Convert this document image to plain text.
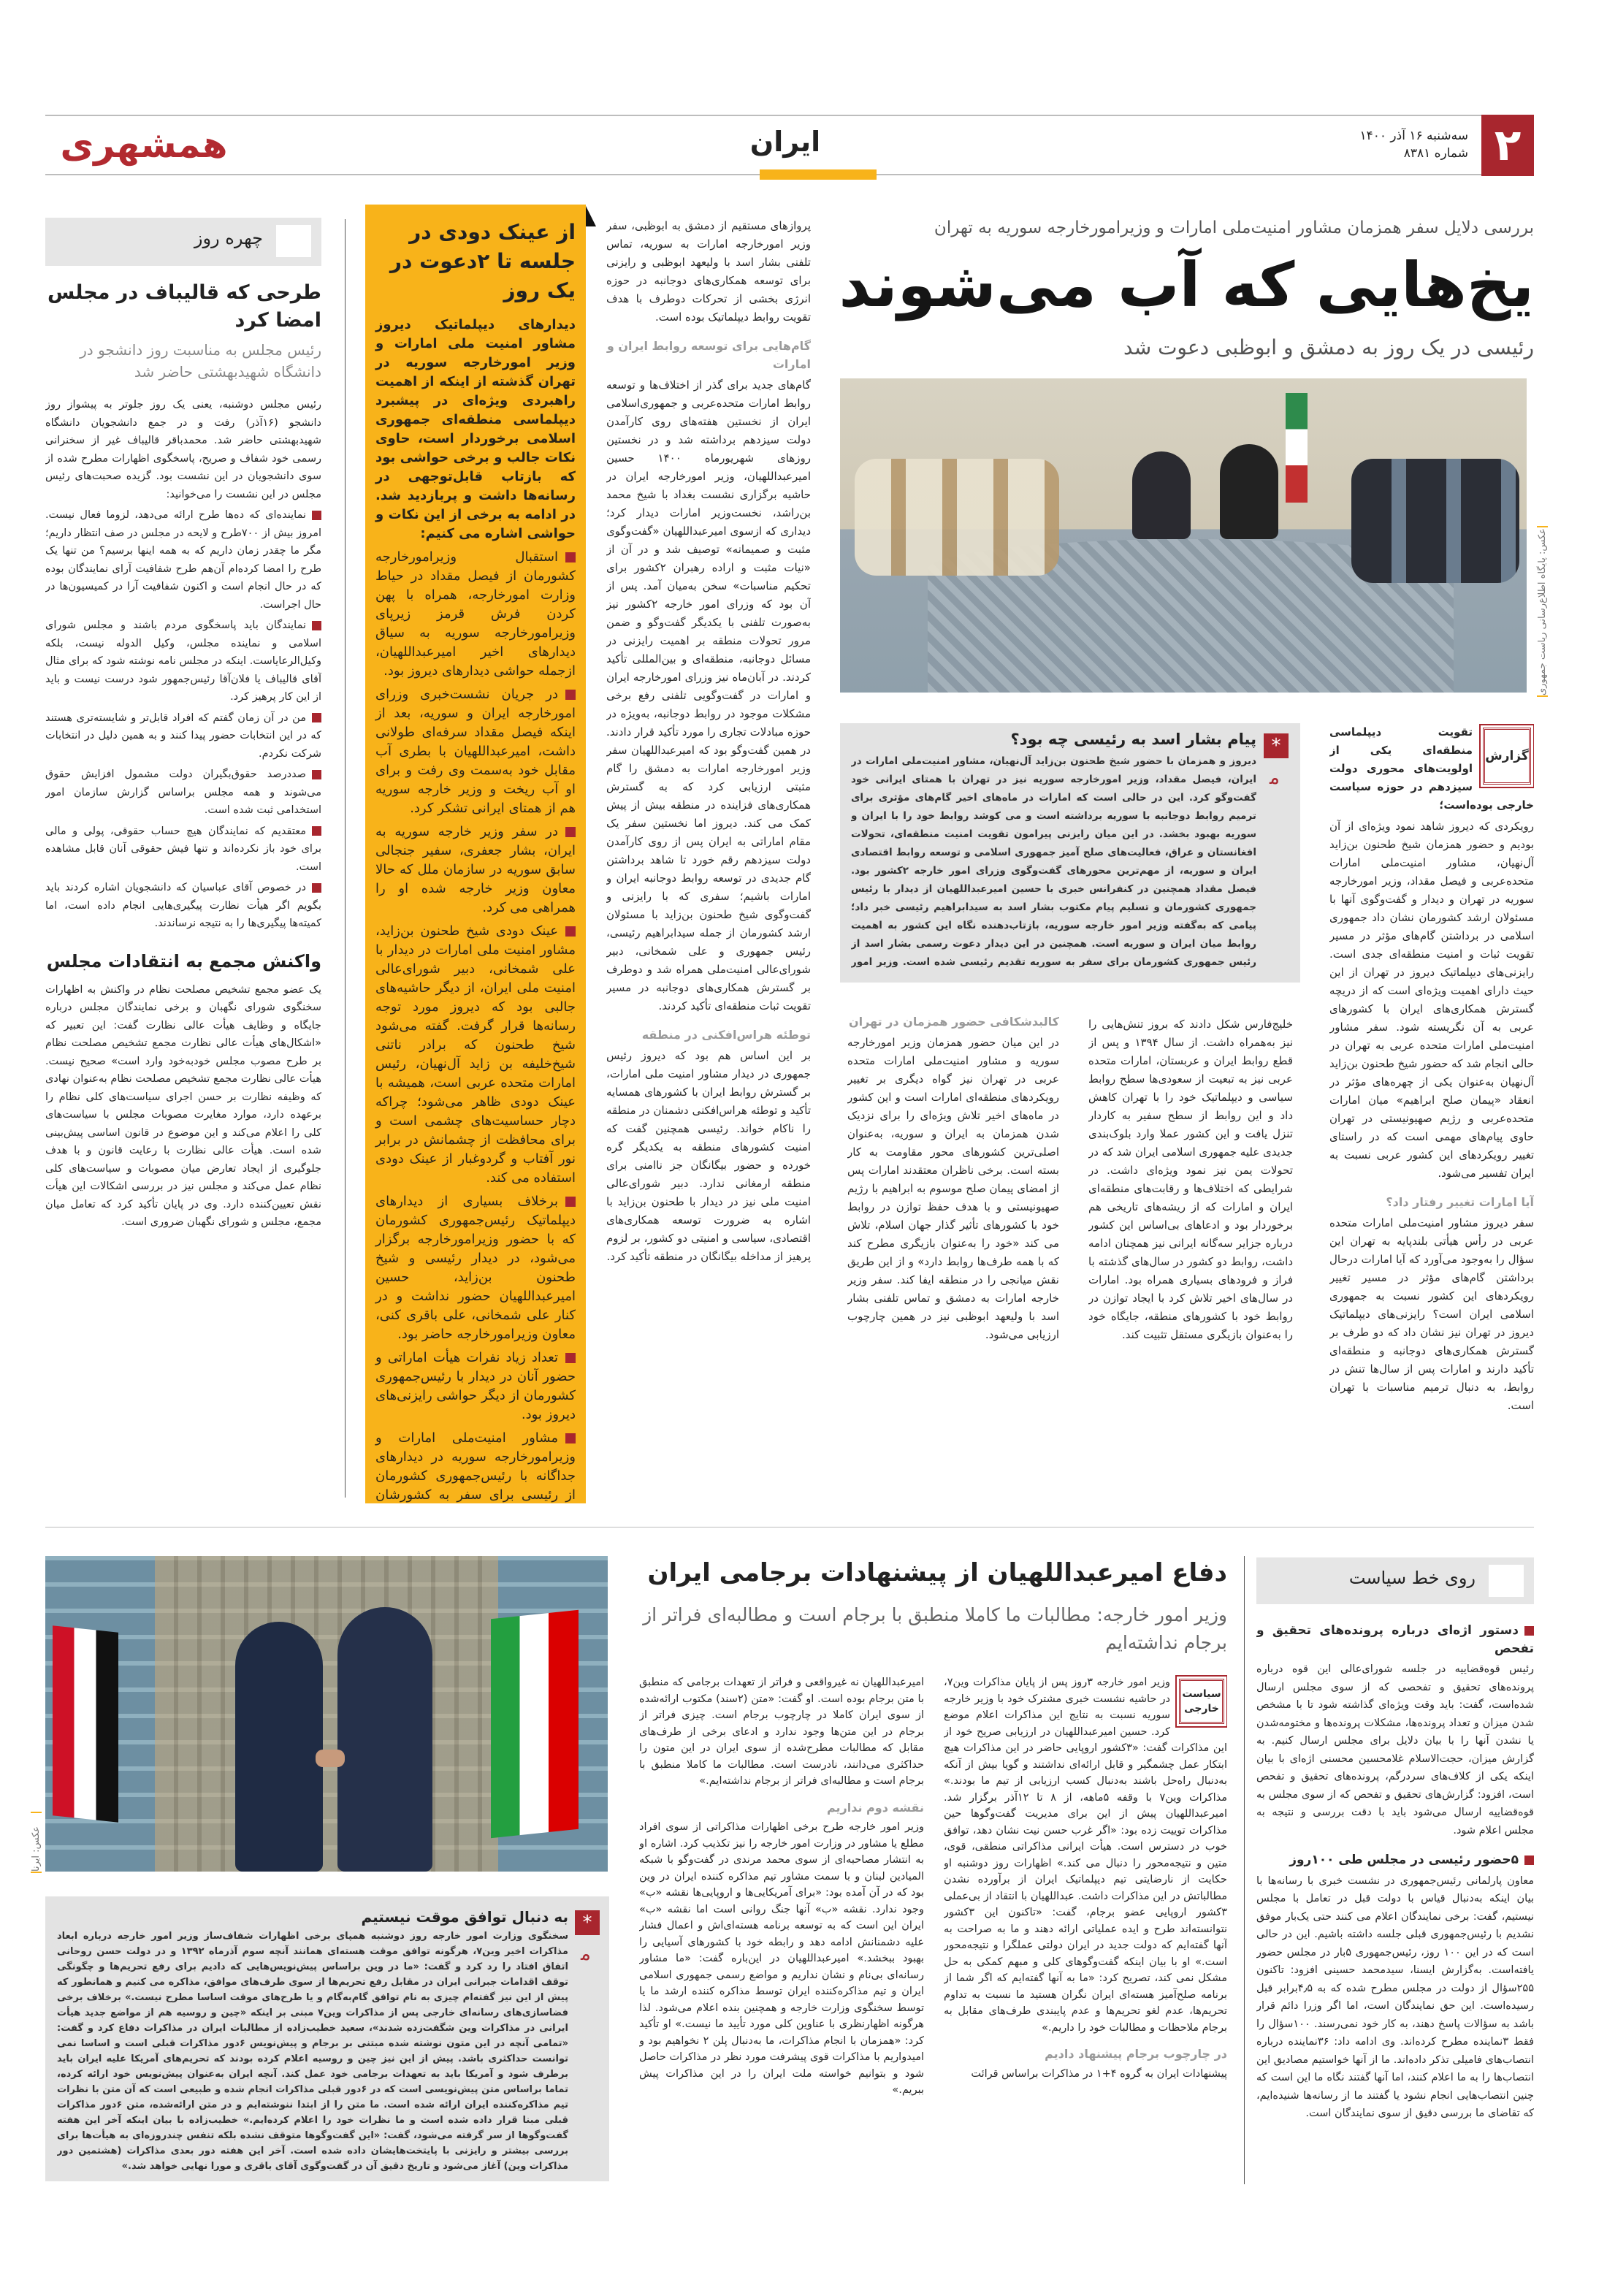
۲
سه‌شنبه ۱۶ آذر ۱۴۰۰
شماره ۸۳۸۱
ایران
همشهری
بررسی دلایل سفر همزمان مشاور امنیت‌ملی امارات و وزیرامورخارجه سوریه به تهران
یخ‌هایی که آب می‌شوند
رئیسی در یک روز به دمشق و ابوظبی دعوت شد
عکس: پایگاه اطلاع‌رسانی ریاست جمهوری
گزارش

تقویت دیپلماسی منطقه‌ای یکی از اولویت‌های محوری دولت سیزدهم در حوزه سیاست خارجی بوده‌است؛

رویکردی که دیروز شاهد نمود ویژه‌ای از آن بودیم و حضور همزمان شیخ طحنون بن‌زاید آل‌نهیان، مشاور امنیت‌ملی امارات متحده‌عربی و فیصل مقداد، وزیر امورخارجه سوریه در تهران و دیدار و گفت‌وگوی آنها با مسئولان ارشد کشورمان نشان داد جمهوری اسلامی در برداشتن گام‌های مؤثر در مسیر تقویت ثبات و امنیت منطقه‌ای جدی است. رایزنی‌های دیپلماتیک دیروز در تهران از این حیث دارای اهمیت ویژه‌ای است که از دریچه گسترش همکاری‌های ایران با کشورهای عربی به آن نگریسته شود. سفر مشاور امنیت‌ملی امارات متحده عربی به تهران در حالی انجام شد که حضور شیخ طحنون بن‌زاید آل‌نهیان به‌عنوان یکی از چهره‌های مؤثر در انعقاد «پیمان صلح ابراهیم» میان امارات متحده‌عربی و رژیم صهیونیستی در تهران حاوی پیام‌های مهمی است که در راستای تغییر رویکردهای این کشور عربی نسبت به ایران تفسیر می‌شود.

آیا امارات تغییر رفتار داد؟

سفر دیروز مشاور امنیت‌ملی امارات متحده عربی در رأس هیأتی بلندپایه به تهران این سؤال را به‌وجود می‌آورد که آیا امارات درحال برداشتن گام‌های مؤثر در مسیر تغییر رویکردهای این کشور نسبت به جمهوری اسلامی ایران است؟ رایزنی‌های دیپلماتیک دیروز در تهران نیز نشان داد که دو طرف بر گسترش همکاری‌های دوجانبه و منطقه‌ای تأکید دارند و امارات پس از سال‌ها تنش در روابط، به دنبال ترمیم مناسبات با تهران است.

*
ﻣ
پیام بشار اسد به رئیسی چه بود؟
دیروز و همزمان با حضور شیخ طحنون بن‌زاید آل‌نهیان، مشاور امنیت‌ملی امارات در ایران، فیصل مقداد، وزیر امورخارجه سوریه نیز در تهران با همتای ایرانی خود گفت‌وگو کرد. این در حالی است که امارات در ماه‌های اخیر گام‌های مؤثری برای ترمیم روابط دوجانبه با سوریه برداشته است و می کوشد روابط خود را با ایران و سوریه بهبود بخشد. در این میان رایزنی پیرامون تقویت امنیت منطقه‌ای، تحولات افغانستان و عراق، فعالیت‌های صلح آمیز جمهوری اسلامی و توسعه روابط اقتصادی ایران و سوریه، از مهم‌ترین محورهای گفت‌وگوی وزرای امور خارجه ۲کشور بود. فیصل مقداد همچنین در کنفرانس خبری با حسین امیرعبداللهیان از دیدار با رئیس جمهوری کشورمان و تسلیم پیام مکتوب بشار اسد به سیدابراهیم رئیسی خبر داد؛ پیامی که به‌گفته وزیر امور خارجه سوریه، بازتاب‌دهنده نگاه این کشور به اهمیت روابط میان ایران و سوریه است. همچنین در این دیدار دعوت رسمی بشار اسد از رئیس جمهوری کشورمان برای سفر به سوریه تقدیم رئیسی شده است. وزیر امور
خلیج‌فارس شکل دادند که بروز تنش‌هایی را نیز به‌همراه داشت. از سال ۱۳۹۴ و پس از قطع روابط ایران و عربستان، امارات متحده عربی نیز به تبعیت از سعودی‌ها سطح روابط سیاسی و دیپلماتیک خود را با تهران کاهش داد و این روابط از سطح سفیر به کاردار تنزل یافت و این کشور عملا وارد بلوک‌بندی جدیدی علیه جمهوری اسلامی ایران شد که در تحولات یمن نیز نمود ویژه‌ای داشت. در شرایطی که اختلاف‌ها و رقابت‌های منطقه‌ای ایران و امارات که از ریشه‌های تاریخی هم برخوردار بود و ادعاهای بی‌اساس این کشور درباره جزایر سه‌گانه ایرانی نیز همچنان ادامه داشت، روابط دو کشور در سال‌های گذشته با فراز و فرودهای بسیاری همراه بود. امارات در سال‌های اخیر تلاش کرد با ایجاد توازن در روابط خود با کشورهای منطقه، جایگاه خود را به‌عنوان بازیگری مستقل تثبیت کند.
کالبدشکافی حضور همزمان در تهران

در این میان حضور همزمان وزیر امورخارجه سوریه و مشاور امنیت‌ملی امارات متحده عربی در تهران نیز گواه دیگری بر تغییر رویکردهای منطقه‌ای امارات است و این کشور در ماه‌های اخیر تلاش ویژه‌ای را برای نزدیک شدن همزمان به ایران و سوریه، به‌عنوان اصلی‌ترین کشورهای محور مقاومت به کار بسته است. برخی ناظران معتقدند امارات پس از امضای پیمان صلح موسوم به ابراهیم با رژیم صهیونیستی و با هدف حفظ توازن در روابط خود با کشورهای تأثیر گذار جهان اسلام، تلاش می کند «خود را به‌عنوان بازیگری مطرح کند که با همه طرف‌ها روابط دارد» و از این طریق نقش میانجی را در منطقه ایفا کند. سفر وزیر خارجه امارات به دمشق و تماس تلفنی بشار اسد با ولیعهد ابوظبی نیز در همین چارچوب ارزیابی می‌شود.

پروازهای مستقیم از دمشق به ابوظبی، سفر وزیر امورخارجه امارات به سوریه، تماس تلفنی بشار اسد با ولیعهد ابوظبی و رایزنی برای توسعه همکاری‌های دوجانبه در حوزه انرژی بخشی از تحرکات دوطرف با هدف تقویت روابط دیپلماتیک بوده است.

گام‌هایی برای توسعه روابط ایران و امارات

گام‌های جدید برای گذر از اختلاف‌ها و توسعه روابط امارات متحده‌عربی و جمهوری‌اسلامی ایران از نخستین هفته‌های روی کارآمدن دولت سیزدهم برداشته شد و در نخستین روزهای شهریورماه ۱۴۰۰ حسین امیرعبداللهیان، وزیر امورخارجه ایران در حاشیه برگزاری نشست بغداد با شیخ محمد بن‌راشد، نخست‌وزیر امارات دیدار کرد؛ دیداری که ازسوی امیرعبداللهیان «گفت‌وگوی مثبت و صمیمانه» توصیف شد و در آن از «نیات مثبت و اراده رهبران ۲کشور برای تحکیم مناسبات» سخن به‌میان آمد. پس از آن بود که وزرای امور خارجه ۲کشور نیز به‌صورت تلفنی با یکدیگر گفت‌وگو و ضمن مرور تحولات منطقه بر اهمیت رایزنی در مسائل دوجانبه، منطقه‌ای و بین‌المللی تأکید کردند. در آبان‌ماه نیز وزرای امورخارجه ایران و امارات در گفت‌وگویی تلفنی رفع برخی مشکلات موجود در روابط دوجانبه، به‌ویژه در حوزه مبادلات تجاری را مورد تأکید قرار دادند. در همین گفت‌وگو بود که امیرعبداللهیان سفر وزیر امورخارجه امارات به دمشق را گام مثبتی ارزیابی کرد که به گسترش همکاری‌های فزاینده در منطقه بیش از پیش کمک می کند. دیروز اما نخستین سفر یک مقام اماراتی به ایران پس از روی کارآمدن دولت سیزدهم رقم خورد تا شاهد برداشتن گام جدیدی در توسعه روابط دوجانبه ایران و امارات باشیم؛ سفری که با رایزنی و گفت‌وگوی شیخ طحنون بن‌زاید با مسئولان ارشد کشورمان از جمله سیدابراهیم رئیسی، رئیس جمهوری و علی شمخانی، دبیر شورای‌عالی امنیت‌ملی همراه شد و دوطرف بر گسترش همکاری‌های دوجانبه در مسیر تقویت ثبات منطقه‌ای تأکید کردند.

توطئه هراس‌افکنی در منطقه

بر این اساس هم بود که دیروز رئیس جمهوری در دیدار مشاور امنیت ملی امارات، بر گسترش روابط ایران با کشورهای همسایه تأکید و توطئه هراس‌افکنی دشمنان در منطقه را ناکام خواند. رئیسی همچنین گفت که امنیت کشورهای منطقه به یکدیگر گره خورده و حضور بیگانگان جز ناامنی برای منطقه ارمغانی ندارد. دبیر شورای‌عالی امنیت ملی نیز در دیدار با طحنون بن‌زاید با اشاره به ضرورت توسعه همکاری‌های اقتصادی، سیاسی و امنیتی دو کشور، بر لزوم پرهیز از مداخله بیگانگان در منطقه تأکید کرد.

از عینک دودی در جلسه تا ۲دعوت در یک روز

دیدارهای دیپلماتیک دیروز مشاور امنیت ملی امارات و وزیر امورخارجه سوریه در تهران گذشته از اینکه از اهمیت راهبردی ویژه‌ای در پیشبرد دیپلماسی منطقه‌ای جمهوری اسلامی برخوردار است، حاوی نکات جالب و برخی حواشی بود که بازتاب قابل‌توجهی در رسانه‌ها داشت و پربازدید شد. در ادامه به برخی از این نکات و حواشی اشاره می کنیم:

استقبال وزیرامورخارجه کشورمان از فیصل مقداد در حیاط وزارت امورخارجه، همراه با پهن کردن فرش قرمز زیرپای وزیرامورخارجه سوریه به سیاق دیدارهای اخیر امیرعبداللهیان، ازجمله حواشی دیدارهای دیروز بود.

در جریان نشست‌خبری وزرای امورخارجه ایران و سوریه، بعد از اینکه فیصل مقداد سرفه‌ای طولانی داشت، امیرعبداللهیان با بطری آب مقابل خود به‌سمت وی رفت و برای او آب ریخت و وزیر خارجه سوریه هم از همتای ایرانی تشکر کرد.

در سفر وزیر خارجه سوریه به ایران، بشار جعفری، سفیر جنجالی سابق سوریه در سازمان ملل که حالا معاون وزیر خارجه شده او را همراهی می کرد.

عینک دودی شیخ طحنون بن‌زاید، مشاور امنیت ملی امارات در دیدار با علی شمخانی، دبیر شورای‌عالی امنیت ملی ایران، از دیگر حاشیه‌های جالبی بود که دیروز مورد توجه رسانه‌ها قرار گرفت. گفته می‌شود شیخ طحنون که برادر ناتنی شیخ‌خلیفه بن زاید آل‌نهیان، رئیس امارات متحده عربی است، همیشه با عینک دودی ظاهر می‌شود؛ چراکه دچار حساسیت‌های چشمی است و برای محافظت از چشمانش در برابر نور آفتاب و گردوغبار از عینک دودی استفاده می کند.

برخلاف بسیاری از دیدارهای دیپلماتیک رئیس‌جمهوری کشورمان که با حضور وزیرامورخارجه برگزار می‌شود، در دیدار رئیسی و شیخ طحنون بن‌زاید، حسین امیرعبداللهیان حضور نداشت و در کنار علی شمخانی، علی باقری کنی، معاون وزیرامورخارجه حاضر بود.

تعداد زیاد نفرات هیأت اماراتی و حضور آنان در دیدار با رئیس‌جمهوری کشورمان از دیگر حواشی رایزنی‌های دیروز بود.

مشاور امنیت‌ملی امارات و وزیرامورخارجه سوریه در دیدارهای جداگانه با رئیس‌جمهوری کشورمان از رئیسی برای سفر به کشورشان

چهره روز
طرحی که قالیباف در مجلس امضا کرد
رئیس مجلس به مناسبت روز دانشجو در دانشگاه شهیدبهشتی حاضر شد

رئیس مجلس دوشنبه، یعنی یک روز جلوتر به پیشواز روز دانشجو (۱۶آذر) رفت و در جمع دانشجویان دانشگاه شهیدبهشتی حاضر شد. محمدباقر قالیباف غیر از سخنرانی رسمی خود شفاف و صریح، پاسخگوی اظهارات مطرح شده از سوی دانشجویان در این نشست بود. گزیده صحبت‌های رئیس مجلس در این نشست را می‌خوانید:

نماینده‌ای که ده‌ها طرح ارائه می‌دهد، لزوما فعال نیست. امروز بیش از ۷۰۰طرح و لایحه در مجلس در صف انتظار داریم؛ مگر ما چقدر زمان داریم که به همه اینها برسیم؟ من تنها یک طرح را امضا کرده‌ام آن‌هم طرح شفافیت آرای نمایندگان بوده که در حال انجام است و اکنون شفافیت آرا در کمیسیون‌ها در حال اجراست.

نمایندگان باید پاسخگوی مردم باشند و مجلس شورای اسلامی و نماینده مجلس، وکیل الدوله نیست، بلکه وکیل‌الرعایاست. اینکه در مجلس نامه نوشته شود که برای مثال آقای قالیباف یا فلان‌آقا رئیس‌جمهور شود درست نیست و باید از این کار پرهیز کرد.

من در آن زمان گفتم که افراد قابل‌تر و شایسته‌تری هستند که در این انتخابات حضور پیدا کنند و به همین دلیل در انتخابات شرکت نکردم.

صددرصد حقوق‌بگیران دولت مشمول افزایش حقوق می‌شوند و همه مجلس براساس گزارش سازمان امور استخدامی ثبت شده است.

معتقدیم که نمایندگان هیچ حساب حقوقی، پولی و مالی برای خود باز نکرده‌اند و تنها فیش حقوقی آنان قابل مشاهده است.

در خصوص آقای عباسیان که دانشجویان اشاره کردند باید بگویم اگر هیأت نظارت پیگیری‌هایی انجام داده است، اما کمیته‌ها پیگیری‌ها را به نتیجه نرساندند.

واکنش مجمع به انتقادات مجلس

یک عضو مجمع تشخیص مصلحت نظام در واکنش به اظهارات سخنگوی شورای نگهبان و برخی نمایندگان مجلس درباره جایگاه و وظایف هیأت عالی نظارت گفت: این تعبیر که «اشکال‌های هیأت عالی نظارت مجمع تشخیص مصلحت نظام بر طرح مصوب مجلس خودبه‌خود وارد است» صحیح نیست. هیأت عالی نظارت مجمع تشخیص مصلحت نظام به‌عنوان نهادی که وظیفه نظارت بر حسن اجرای سیاست‌های کلی نظام را برعهده دارد، موارد مغایرت مصوبات مجلس با سیاست‌های کلی را اعلام می‌کند و این موضوع در قانون اساسی پیش‌بینی شده است. هیأت عالی نظارت با رعایت قانون و با هدف جلوگیری از ایجاد تعارض میان مصوبات و سیاست‌های کلی نظام عمل می‌کند و مجلس نیز در بررسی اشکالات این هیأت نقش تعیین‌کننده دارد. وی در پایان تأکید کرد که تعامل میان مجمع، مجلس و شورای نگهبان ضروری است.

روی خط سیاست

دستور اژه‌ای درباره پرونده‌های تحقیق و تفحص

رئیس قوه‌قضاییه در جلسه شورای‌عالی این قوه درباره پرونده‌های تحقیق و تفحصی که از سوی مجلس ارسال شده‌است، گفت: باید وقت ویژه‌ای گذاشته شود تا با مشخص شدن میزان و تعداد پرونده‌ها، مشکلات پرونده‌ها و مختومه‌شدن یا نشدن آنها را با بیان دلایل برای مجلس ارسال کنیم. به گزارش میزان، حجت‌الاسلام غلامحسین محسنی اژه‌ای با بیان اینکه یکی از کلاف‌های سردرگم، پرونده‌های تحقیق و تفحص است، افزود: گزارش‌های تحقیق و تفحص که از سوی مجلس به قوه‌قضاییه ارسال می‌شود باید با دقت بررسی و نتیجه به مجلس اعلام شود.

۵حضور رئیسی در مجلس طی ۱۰۰روز

معاون پارلمانی رئیس‌جمهوری در نشست خبری با رسانه‌ها با بیان اینکه به‌دنبال قیاس با دولت قبل در تعامل با مجلس نیستیم، گفت: برخی نمایندگان اعلام می کنند حتی یک‌بار موفق نشدیم با رئیس‌جمهوری قبلی جلسه داشته باشیم. این در حالی است که در این ۱۰۰ روز، رئیس‌جمهوری ۵بار در مجلس حضور یافته‌است. به‌گزارش ایسنا، سیدمحمد حسینی افزود: تاکنون ۲۵۵سؤال از دولت در مجلس مطرح شده که به ۴٫۵برابر قبل رسیده‌است. این حق نمایندگان است، اما اگر وزرا دائم قرار باشد به سؤالات پاسخ دهند، به کار خود نمی‌رسند. ۱۰۰سؤال را فقط ۳نماینده مطرح کرده‌اند. وی ادامه داد: ۳۶نماینده درباره انتصاب‌های فامیلی تذکر داده‌اند. ما از آنها خواستیم مصادیق این انتصاب‌ها را به ما اعلام کنند، اما آنها گفتند نگاه ما این است که چنین انتصاب‌هایی انجام نشود یا گفتند ما از رسانه‌ها شنیده‌ایم، که تقاضای ما بررسی دقیق از سوی نمایندگان است.

دفاع امیرعبداللهیان از پیشنهادات برجامی ایران
وزیر امور خارجه: مطالبات ما کاملا منطبق با برجام است و مطالبه‌ای فراتر از برجام نداشته‌ایم
سیاست خارجی

وزیر امور خارجه ۳روز پس از پایان مذاکرات وین۷، در حاشیه نشست خبری مشترک خود با وزیر خارجه سوریه نسبت به نتایج این مذاکرات اعلام موضع کرد. حسین امیرعبداللهیان در ارزیابی صریح خود از این مذاکرات گفت: «۳کشور اروپایی حاضر در این مذاکرات هیچ ابتکار عمل چشمگیر و قابل ارائه‌ای نداشتند و گویا بیش از آنکه به‌دنبال راه‌حل باشند به‌دنبال کسب ارزیابی از تیم ما بودند.» مذاکرات وین۷ با وقفه ۵ماهه، از ۸ تا ۱۲آذر برگزار شد. امیرعبداللهیان پیش از این برای مدیریت گفت‌وگوها حین مذاکرات توییت زده بود: «اگر غرب حسن نیت نشان دهد، توافق خوب در دسترس است. هیأت ایرانی مذاکراتی منطقی، قوی، متین و نتیجه‌محور را دنبال می کند.» اظهارات روز دوشنبه او حکایت از نارضایتی تیم دیپلماتیک ایران از برآورده نشدن مطالباتش در این مذاکرات داشت. عبداللهیان با انتقاد از بی‌عملی ۳کشور اروپایی عضو برجام، گفت: «تاکنون این ۳کشور نتوانسته‌اند طرح و ایده عملیاتی ارائه دهند و ما به صراحت به آنها گفته‌ایم که دولت جدید در ایران دولتی عملگرا و نتیجه‌محور است.» او با بیان اینکه گفت‌وگوهای کلی و مبهم کمکی به حل مشکل نمی کند، تصریح کرد: «ما به آنها گفته‌ایم که اگر شما از برنامه صلح‌آمیز هسته‌ای ایران نگران هستید ما نسبت به تداوم تحریم‌ها، عدم لغو تحریم‌ها و عدم پایبندی طرف‌های مقابل به برجام ملاحظات و مطالبات خود را داریم.»

در چارچوب برجام پیشنهاد دادیم

پیشنهادات ایران به گروه ۴+۱ در مذاکرات براساس قرائت

امیرعبداللهیان نه غیرواقعی و فراتر از تعهدات برجامی که منطبق با متن برجام بوده است. او گفت: «متن (۲سند) مکتوب ارائه‌شده از سوی ایران کاملا در چارچوب برجام است. چیزی فراتر از برجام در این متن‌ها وجود ندارد و ادعای برخی از طرف‌های مقابل که مطالبات مطرح‌شده از سوی ایران در این متون را حداکثری می‌دانند، نادرست است. مطالبات ما کاملا منطبق با برجام است و مطالبه‌ای فراتر از برجام نداشته‌ایم.»

نقشه دوم نداریم

وزیر امور خارجه طرح برخی اظهارات مذاکراتی از سوی افراد مطلع یا مشاور در وزارت امور خارجه را نیز تکذیب کرد. اشاره او به انتشار مصاحبه‌ای از سوی محمد مرندی در گفت‌وگو با شبکه المیادین لبنان و با سمت مشاور تیم مذاکره کننده ایران در وین بود که در آن آمده بود: «برای آمریکایی‌ها و اروپایی‌ها نقشه «ب» وجود ندارد. نقشه «ب» آنها جنگ روانی است اما نقشه «ب» ایران این است که به توسعه برنامه هسته‌ای‌اش و اعمال فشار علیه دشمنانش ادامه دهد و رابطه خود با کشورهای آسیایی را بهبود ببخشد.» امیرعبداللهیان در این‌باره گفت: «ما مشاور رسانه‌ای بی‌نام و نشان نداریم و مواضع رسمی جمهوری اسلامی ایران و تیم مذاکره‌کننده ایران توسط مذاکره کننده ارشد ما یا توسط سخنگوی وزارت خارجه و همچنین بنده اعلام می‌شود. لذا هرگونه اظهارنظری با عناوین کلی مورد تأیید ما نیست.» او تأکید کرد: «همزمان با انجام مذاکرات، ما به‌دنبال پلن ۲ نخواهیم بود و امیدواریم با مذاکرات قوی پیشرفت مورد نظر در مذاکرات حاصل شود و بتوانیم خواسته ملت ایران را در این مذاکرات پیش ببریم.»

عکس: ایرنا
*
ﻣ
به دنبال توافق موقت نیستیم
سخنگوی وزارت امور خارجه روز دوشنبه همپای برخی اظهارات شفاف‌ساز وزیر امور خارجه درباره ابعاد مذاکرات اخیر وین۷، هرگونه توافق موقت هسته‌ای همانند آنچه سوم آذرماه ۱۳۹۲ و در دولت حسن روحانی اتفاق افتاد را رد کرد و گفت: «ما در وین براساس پیش‌نویس‌هایی که دادیم برای رفع تحریم‌ها و چگونگی توقف اقدامات جبرانی ایران در مقابل رفع تحریم‌ها از سوی طرف‌های موافق، مذاکره می کنیم و همانطور که پیش از این نیز گفته‌ام چیزی به نام توافق گام‌به‌گام و یا طرح‌های موقت اساسا مطرح نیست.» برخلاف برخی فضاسازی‌های رسانه‌ای خارجی پس از مذاکرات وین۷ مبنی بر اینکه «چین و روسیه هم از مواضع جدید هیأت ایرانی در مذاکرات وین شگفت‌زده شدند»، سعید خطیب‌زاده از مطالبات ایران در مذاکرات دفاع کرد و گفت: «تمامی آنچه در این متون نوشته شده مبتنی بر برجام و پیش‌نویس ۶دور مذاکرات قبلی است و اساسا نمی توانست حداکثری باشد. پیش از این نیز چین و روسیه اعلام کرده بودند که تحریم‌های آمریکا علیه ایران باید برطرف شود و آمریکا باید به تعهدات برجامی خود عمل کند. آنچه ایران به‌عنوان پیش‌نویس خود ارائه کرده، تماما براساس متن پیش‌نویسی است که در ۶دور قبلی مذاکرات انجام شده و طبیعی است که آن متن با نظرات تیم مذاکره‌کننده ایران ارائه شده است. ما متن را از ابتدا ننوشته‌ایم و در متن ارائه‌شده، متن ۶دور مذاکرات قبلی مبنا قرار داده شده است و ما نظرات خود را اعلام کرده‌ایم.» خطیب‌زاده با بیان اینکه آخر این هفته گفت‌وگوها از سر گرفته می‌شود، گفت: «این گفت‌وگوها متوقف نشده بلکه تنفس چندروزه‌ای به هیأت‌ها برای بررسی بیشتر و رایزنی با پایتخت‌هایشان داده شده است. آخر این هفته دور بعدی مذاکرات (هشتمین دور مذاکرات وین) آغاز می‌شود و تاریخ دقیق آن در گفت‌وگوی آقای باقری و مورا نهایی خواهد شد.»
